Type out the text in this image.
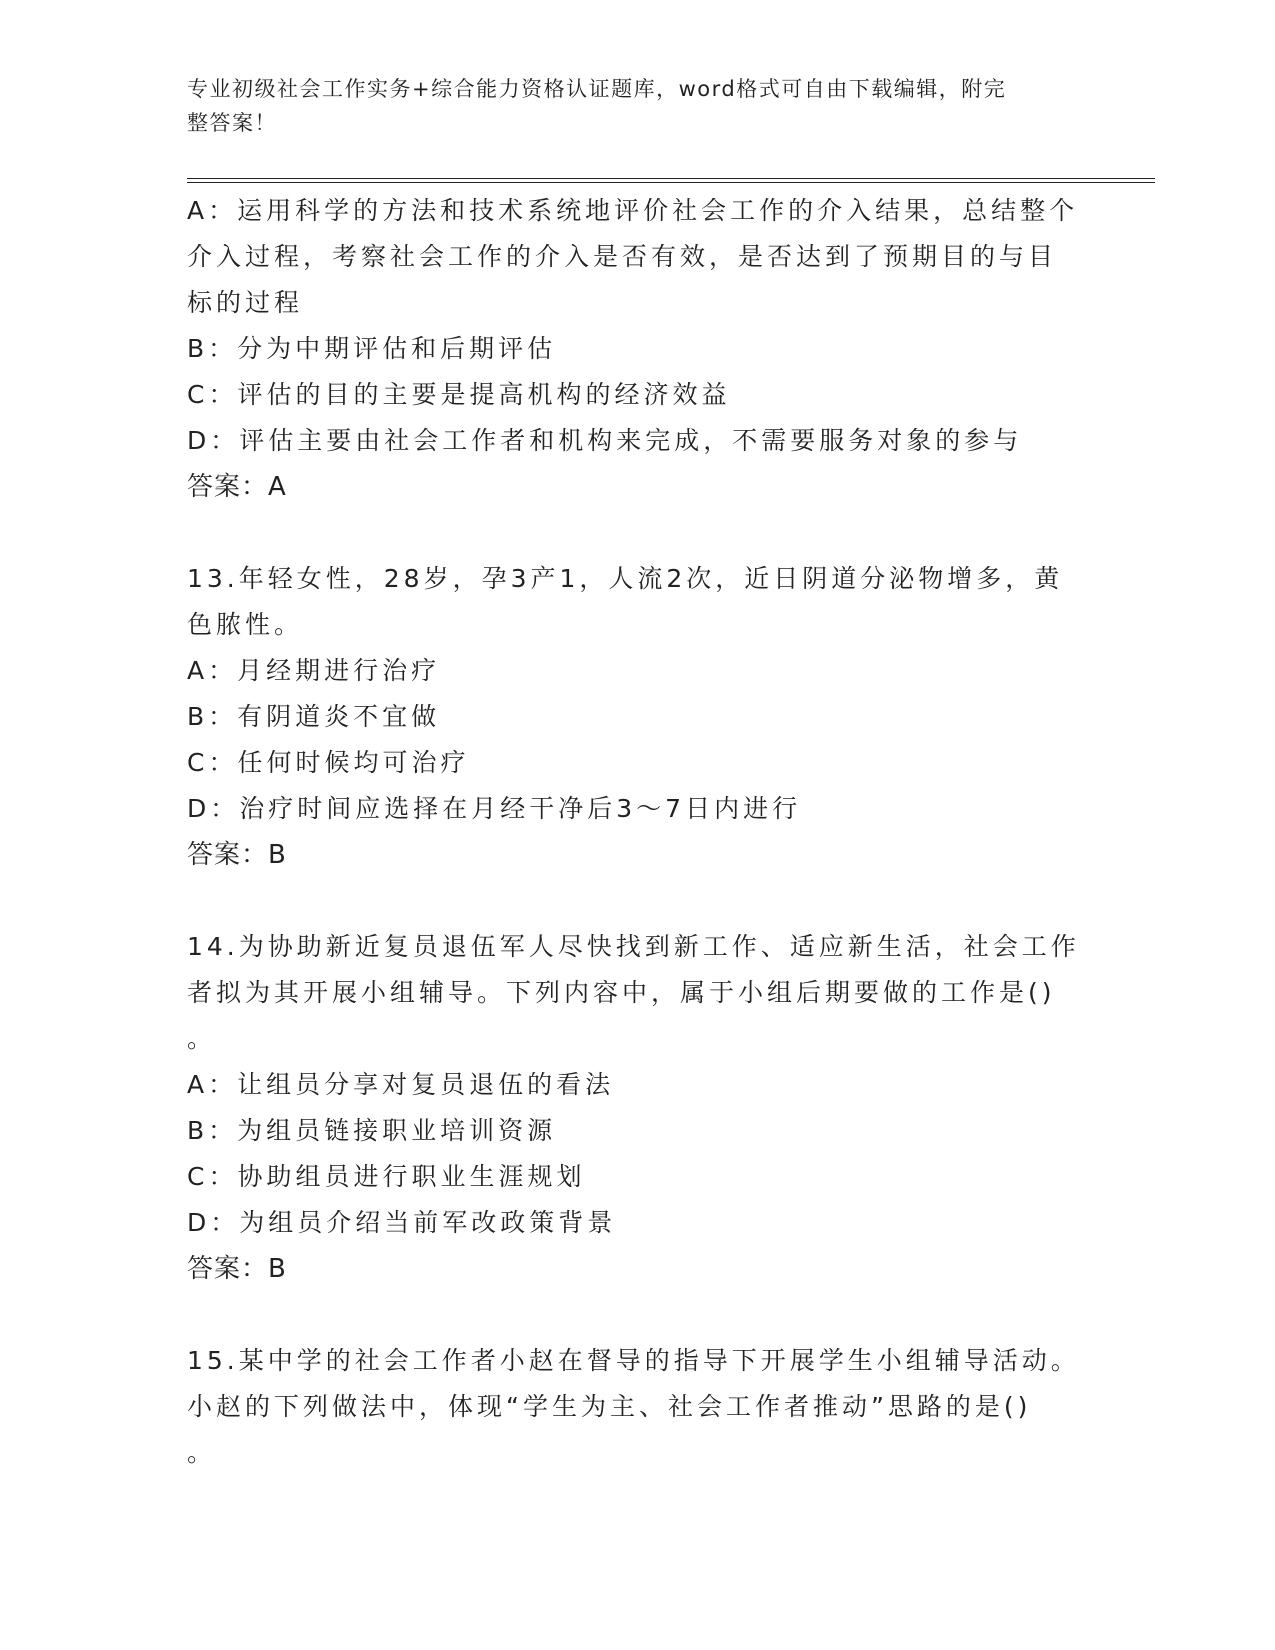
专业初级社会工作实务+综合能力资格认证题库，word格式可自由下载编辑，附完
整答案！
A：运用科学的方法和技术系统地评价社会工作的介入结果，总结整个
介入过程，考察社会工作的介入是否有效，是否达到了预期目的与目
标的过程
B：分为中期评估和后期评估
C：评估的目的主要是提高机构的经济效益
D：评估主要由社会工作者和机构来完成，不需要服务对象的参与
答案：A
13.年轻女性，28岁，孕3产1，人流2次，近日阴道分泌物增多，黄
色脓性。
A：月经期进行治疗
B：有阴道炎不宜做
C：任何时候均可治疗
D：治疗时间应选择在月经干净后3～7日内进行
答案：B
14.为协助新近复员退伍军人尽快找到新工作、适应新生活，社会工作
者拟为其开展小组辅导。下列内容中，属于小组后期要做的工作是()
。
A：让组员分享对复员退伍的看法
B：为组员链接职业培训资源
C：协助组员进行职业生涯规划
D：为组员介绍当前军改政策背景
答案：B
15.某中学的社会工作者小赵在督导的指导下开展学生小组辅导活动。
小赵的下列做法中，体现“学生为主、社会工作者推动”思路的是()
。
